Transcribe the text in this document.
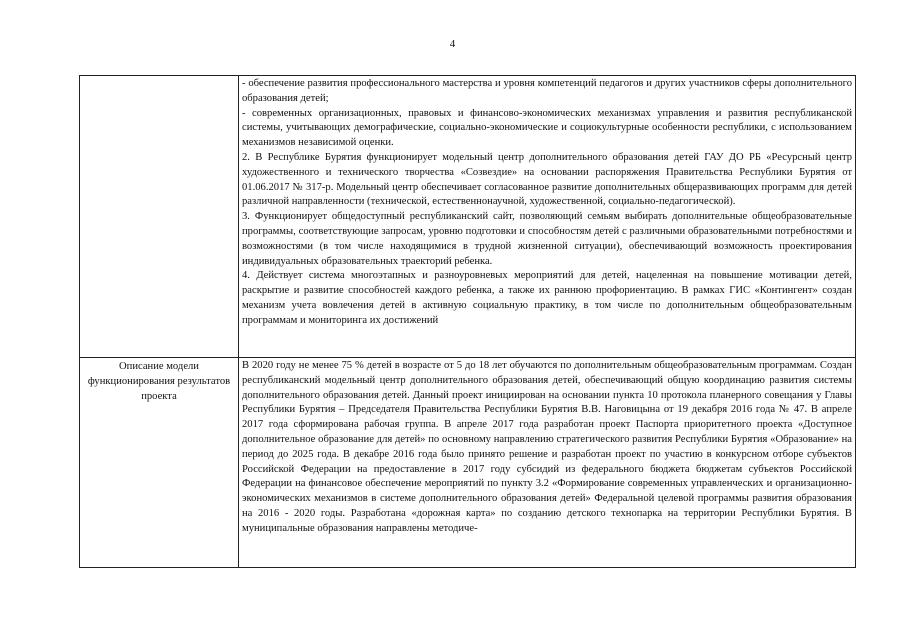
4

	- обеспечение развития профессионального мастерства и уровня компетенций педагогов и других участников сферы дополнительного образования детей;

- современных организационных, правовых и финансово-экономических механизмах управления и развития республиканской системы, учитывающих демографические, социально-экономические и социокультурные особенности республики, с использованием механизмов независимой оценки.

2. В Республике Бурятия функционирует модельный центр дополнительного образования детей ГАУ ДО РБ «Ресурсный центр художественного и технического творчества «Созвездие» на основании распоряжения Правительства Республики Бурятия от 01.06.2017 № 317-р. Модельный центр обеспечивает согласованное развитие дополнительных общеразвивающих программ для детей различной направленности (технической, естественнонаучной, художественной, социально-педагогической).

3. Функционирует общедоступный республиканский сайт, позволяющий семьям выбирать дополнительные общеобразовательные программы, соответствующие запросам, уровню подготовки и способностям детей с различными образовательными потребностями и возможностями (в том числе находящимися в трудной жизненной ситуации), обеспечивающий возможность проектирования индивидуальных образовательных траекторий ребенка.

4. Действует система многоэтапных и разноуровневых мероприятий для детей, нацеленная на повышение мотивации детей, раскрытие и развитие способностей каждого ребенка, а также их раннюю профориентацию. В рамках ГИС «Контингент» создан механизм учета вовлечения детей в активную социальную практику, в том числе по дополнительным общеобразовательным программам и мониторинга их достижений

Описание модели функционирования результатов проекта	В 2020 году не менее 75 % детей в возрасте от 5 до 18 лет обучаются по дополнительным общеобразовательным программам. Создан республиканский модельный центр дополнительного образования детей, обеспечивающий общую координацию развития системы дополнительного образования детей. Данный проект инициирован на основании пункта 10 протокола планерного совещания у Главы Республики Бурятия – Председателя Правительства Республики Бурятия В.В. Наговицына от 19 декабря 2016 года № 47. В апреле 2017 года сформирована рабочая группа. В апреле 2017 года разработан проект Паспорта приоритетного проекта «Доступное дополнительное образование для детей» по основному направлению стратегического развития Республики Бурятия «Образование» на период до 2025 года. В декабре 2016 года было принято решение и разработан проект по участию в конкурсном отборе субъектов Российской Федерации на предоставление в 2017 году субсидий из федерального бюджета бюджетам субъектов Российской Федерации на финансовое обеспечение мероприятий по пункту 3.2 «Формирование современных управленческих и организационно-экономических механизмов в системе дополнительного образования детей» Федеральной целевой программы развития образования на 2016 - 2020 годы. Разработана «дорожная карта» по созданию детского технопарка на территории Республики Бурятия. В муниципальные образования направлены методиче-
